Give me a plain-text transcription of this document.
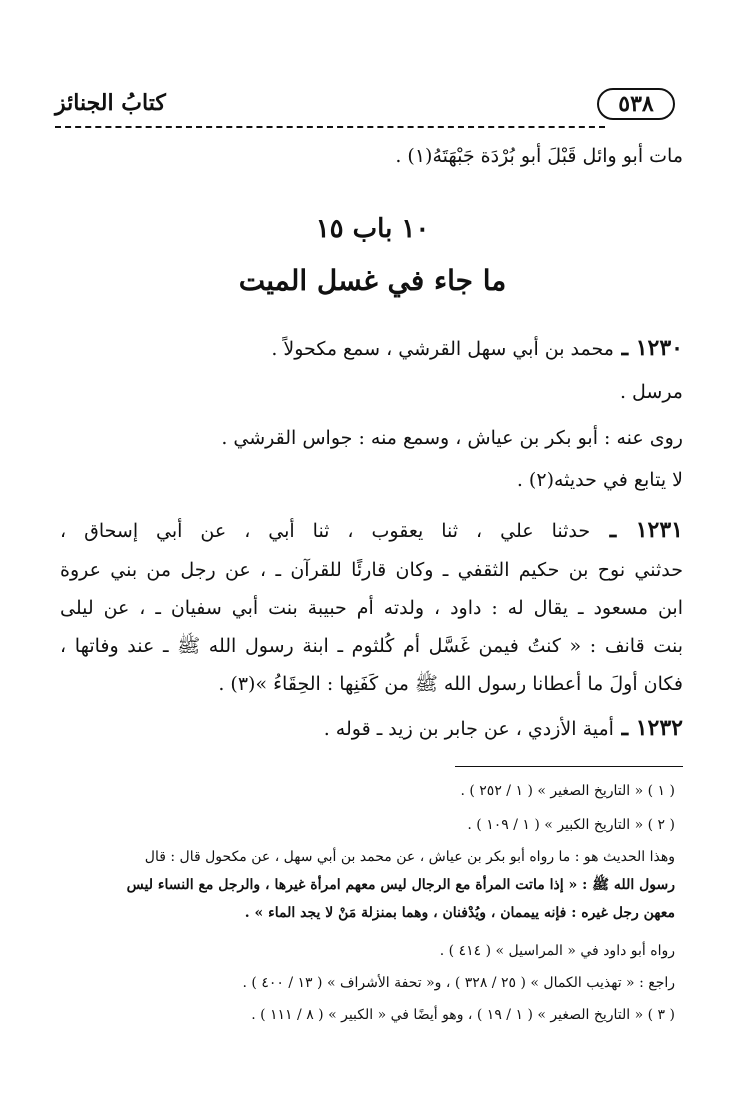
٥٣٨
كتابُ الجنائز
مات أبو وائل قَبْلَ أبو بُرْدَة جَبْهَتَهُ(١) .
١٠ باب ١٥
ما جاء في غسل الميت
١٢٣٠ ـ محمد بن أبي سهل القرشي ، سمع مكحولاً .
مرسل .
روى عنه : أبو بكر بن عياش ، وسمع منه : جواس القرشي .
لا يتابع في حديثه(٢) .
١٢٣١ ـ حدثنا علي ، ثنا يعقوب ، ثنا أبي ، عن أبي إسحاق ،
حدثني نوح بن حكيم الثقفي ـ وكان قارئًا للقرآن ـ ، عن رجل من بني عروة
ابن مسعود ـ يقال له : داود ، ولدته أم حبيبة بنت أبي سفيان ـ ، عن ليلى
بنت قانف : « كنتُ فيمن غَسَّل أم كُلثوم ـ ابنة رسول الله ﷺ ـ عند وفاتها ،
فكان أولَ ما أعطانا رسول الله ﷺ من كَفَنِها : الحِقَاءُ »(٣) .
١٢٣٢ ـ أمية الأزدي ، عن جابر بن زيد ـ قوله .
( ١ ) « التاريخ الصغير » ( ١ / ٢٥٢ ) .
( ٢ ) « التاريخ الكبير » ( ١ / ١٠٩ ) .
وهذا الحديث هو : ما رواه أبو بكر بن عياش ، عن محمد بن أبي سهل ، عن مكحول قال : قال
رسول الله ﷺ : « إذا ماتت المرأة مع الرجال ليس معهم امرأة غيرها ، والرجل مع النساء ليس
معهن رجل غيره : فإنه ييممان ، ويُدْفنان ، وهما بمنزلة مَنْ لا يجد الماء » .
رواه أبو داود في « المراسيل » ( ٤١٤ ) .
راجع : « تهذيب الكمال » ( ٢٥ / ٣٢٨ ) ، و« تحفة الأشراف » ( ١٣ / ٤٠٠ ) .
( ٣ ) « التاريخ الصغير » ( ١ / ١٩ ) ، وهو أيضًا في « الكبير » ( ٨ / ١١١ ) .
